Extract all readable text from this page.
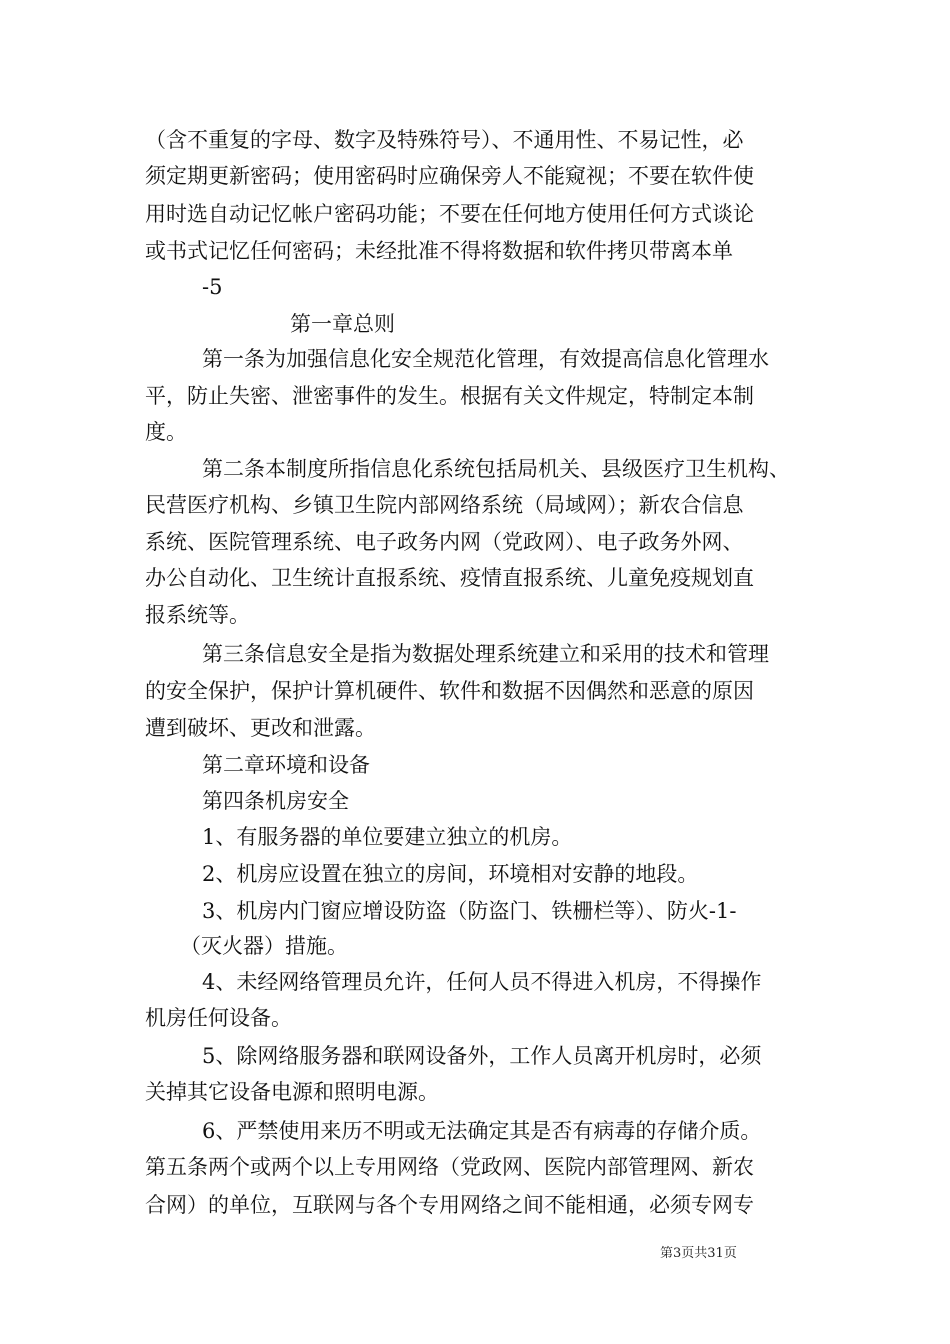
（含不重复的字母、数字及特殊符号）、不通用性、不易记性，必
须定期更新密码；使用密码时应确保旁人不能窥视；不要在软件使
用时选自动记忆帐户密码功能；不要在任何地方使用任何方式谈论
或书式记忆任何密码；未经批准不得将数据和软件拷贝带离本单
-5
第一章总则
第一条为加强信息化安全规范化管理，有效提高信息化管理水
平，防止失密、泄密事件的发生。根据有关文件规定，特制定本制
度。
第二条本制度所指信息化系统包括局机关、县级医疗卫生机构、
民营医疗机构、乡镇卫生院内部网络系统（局域网）；新农合信息
系统、医院管理系统、电子政务内网（党政网）、电子政务外网、
办公自动化、卫生统计直报系统、疫情直报系统、儿童免疫规划直
报系统等。
第三条信息安全是指为数据处理系统建立和采用的技术和管理
的安全保护，保护计算机硬件、软件和数据不因偶然和恶意的原因
遭到破坏、更改和泄露。
第二章环境和设备
第四条机房安全
1、有服务器的单位要建立独立的机房。
2、机房应设置在独立的房间，环境相对安静的地段。
3、机房内门窗应增设防盗（防盗门、铁栅栏等）、防火-1-
（灭火器）措施。
4、未经网络管理员允许，任何人员不得进入机房，不得操作
机房任何设备。
5、除网络服务器和联网设备外，工作人员离开机房时，必须
关掉其它设备电源和照明电源。
6、严禁使用来历不明或无法确定其是否有病毒的存储介质。
第五条两个或两个以上专用网络（党政网、医院内部管理网、新农
合网）的单位，互联网与各个专用网络之间不能相通，必须专网专
第3页共31页
